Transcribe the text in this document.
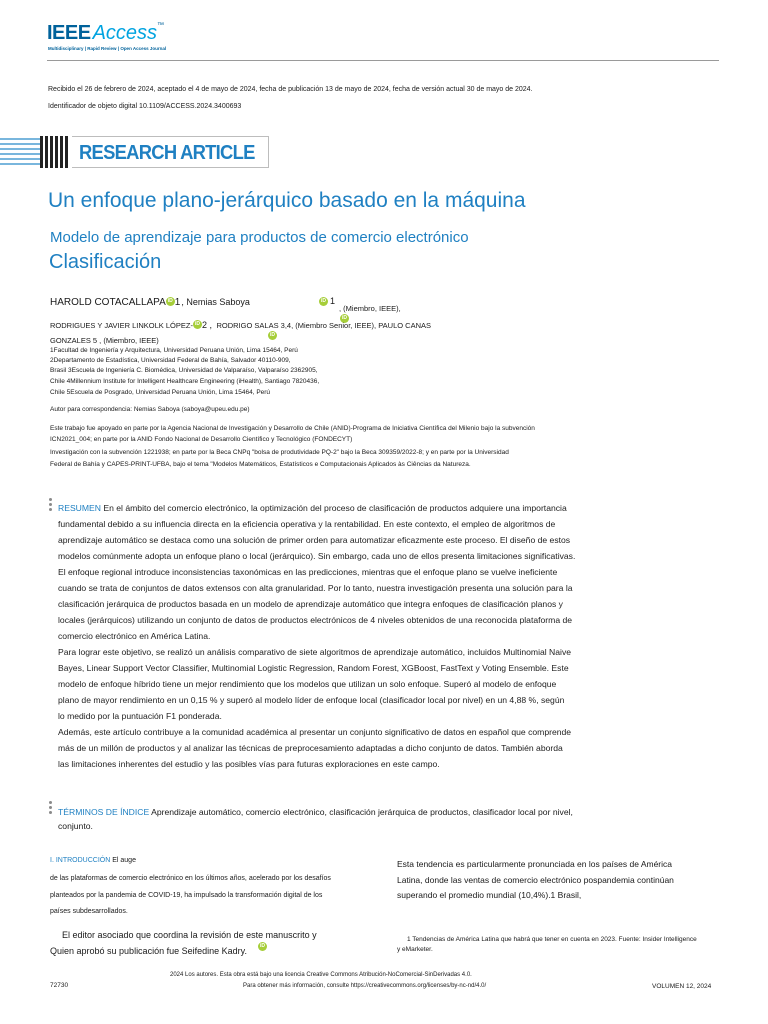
IEEE Access™
Multidisciplinary | Rapid Review | Open Access Journal
Recibido el 26 de febrero de 2024, aceptado el 4 de mayo de 2024, fecha de publicación 13 de mayo de 2024, fecha de versión actual 30 de mayo de 2024.
Identificador de objeto digital 10.1109/ACCESS.2024.3400693
RESEARCH ARTICLE
Un enfoque plano-jerárquico basado en la máquina
Modelo de aprendizaje para productos de comercio electrónico
Clasificación
HAROLD COTACALLAPA iD 1, Nemias Saboya	iD 1
, (Miembro, IEEE),
iD
RODRIGUES Y JAVIER LINKOLK LÓPEZ- iD 2 , RODRIGO SALAS 3,4, (Miembro Senior, IEEE), PAULO CANAS
iD
GONZALES 5 , (Miembro, IEEE)
1Facultad de Ingeniería y Arquitectura, Universidad Peruana Unión, Lima 15464, Perú
2Departamento de Estadística, Universidad Federal de Bahía, Salvador 40110-909,
Brasil 3Escuela de Ingeniería C. Biomédica, Universidad de Valparaíso, Valparaíso 2362905,
Chile 4Millennium Institute for Intelligent Healthcare Engineering (iHealth), Santiago 7820436,
Chile 5Escuela de Posgrado, Universidad Peruana Unión, Lima 15464, Perú
Autor para correspondencia: Nemias Saboya (saboya@upeu.edu.pe)
Este trabajo fue apoyado en parte por la Agencia Nacional de Investigación y Desarrollo de Chile (ANID)-Programa de Iniciativa Científica del Milenio bajo la subvención
ICN2021_004; en parte por la ANID Fondo Nacional de Desarrollo Científico y Tecnológico (FONDECYT)
Investigación con la subvención 1221938; en parte por la Beca CNPq "bolsa de produtividade PQ-2" bajo la Beca 309359/2022-8; y en parte por la Universidad
Federal de Bahía y CAPES-PRINT-UFBA, bajo el tema "Modelos Matemáticos, Estatísticos e Computacionais Aplicados às Ciências da Natureza.

RESUMEN En el ámbito del comercio electrónico, la optimización del proceso de clasificación de productos adquiere una importancia

fundamental debido a su influencia directa en la eficiencia operativa y la rentabilidad. En este contexto, el empleo de algoritmos de

aprendizaje automático se destaca como una solución de primer orden para automatizar eficazmente este proceso. El diseño de estos

modelos comúnmente adopta un enfoque plano o local (jerárquico). Sin embargo, cada uno de ellos presenta limitaciones significativas.

El enfoque regional introduce inconsistencias taxonómicas en las predicciones, mientras que el enfoque plano se vuelve ineficiente

cuando se trata de conjuntos de datos extensos con alta granularidad. Por lo tanto, nuestra investigación presenta una solución para la

clasificación jerárquica de productos basada en un modelo de aprendizaje automático que integra enfoques de clasificación planos y

locales (jerárquicos) utilizando un conjunto de datos de productos electrónicos de 4 niveles obtenidos de una reconocida plataforma de

comercio electrónico en América Latina.

Para lograr este objetivo, se realizó un análisis comparativo de siete algoritmos de aprendizaje automático, incluidos Multinomial Naive

Bayes, Linear Support Vector Classifier, Multinomial Logistic Regression, Random Forest, XGBoost, FastText y Voting Ensemble. Este

modelo de enfoque híbrido tiene un mejor rendimiento que los modelos que utilizan un solo enfoque. Superó al modelo de enfoque

plano de mayor rendimiento en un 0,15 % y superó al modelo líder de enfoque local (clasificador local por nivel) en un 4,88 %, según

lo medido por la puntuación F1 ponderada.

Además, este artículo contribuye a la comunidad académica al presentar un conjunto significativo de datos en español que comprende

más de un millón de productos y al analizar las técnicas de preprocesamiento adaptadas a dicho conjunto de datos. También aborda

las limitaciones inherentes del estudio y las posibles vías para futuras exploraciones en este campo.

TÉRMINOS DE ÍNDICE Aprendizaje automático, comercio electrónico, clasificación jerárquica de productos, clasificador local por nivel,
conjunto.
I. INTRODUCCIÓN El auge
de las plataformas de comercio electrónico en los últimos años, acelerado por los desafíos
planteados por la pandemia de COVID-19, ha impulsado la transformación digital de los
países subdesarrollados.
El editor asociado que coordina la revisión de este manuscrito y
Quien aprobó su publicación fue Seifedine Kadry.	iD
Esta tendencia es particularmente pronunciada en los países de América
Latina, donde las ventas de comercio electrónico pospandemia continúan
superando el promedio mundial (10,4%).1 Brasil,
1 Tendencias de América Latina que habrá que tener en cuenta en 2023. Fuente: Insider Intelligence
y eMarketer.
2024 Los autores. Esta obra está bajo una licencia Creative Commons Atribución-NoComercial-SinDerivadas 4.0.
72730	Para obtener más información, consulte https://creativecommons.org/licenses/by-nc-nd/4.0/	VOLUMEN 12, 2024
